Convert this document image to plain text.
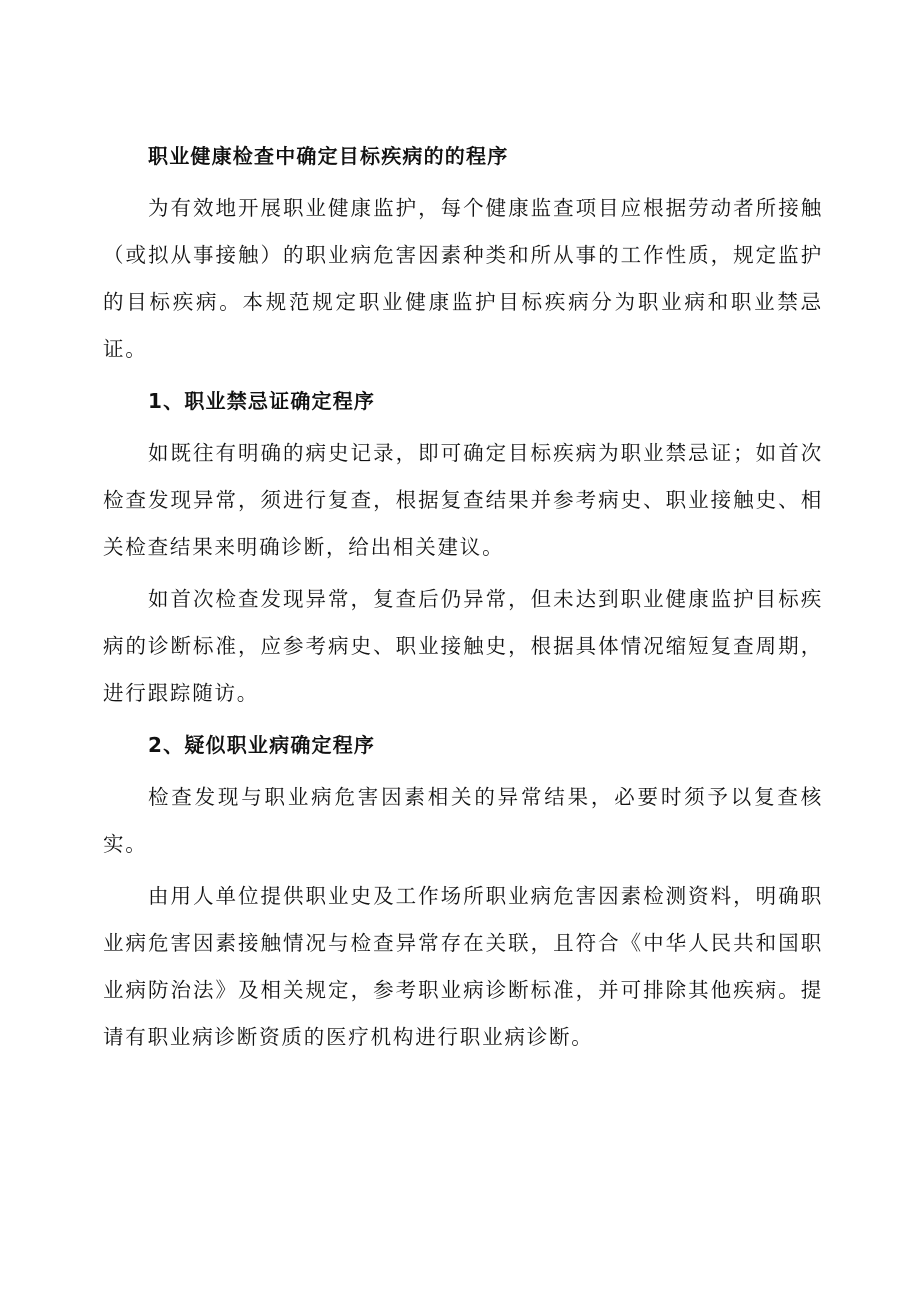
职业健康检查中确定目标疾病的的程序

为有效地开展职业健康监护，每个健康监查项目应根据劳动者所接触（或拟从事接触）的职业病危害因素种类和所从事的工作性质，规定监护的目标疾病。本规范规定职业健康监护目标疾病分为职业病和职业禁忌证。

1、职业禁忌证确定程序

如既往有明确的病史记录，即可确定目标疾病为职业禁忌证；如首次检查发现异常，须进行复查，根据复查结果并参考病史、职业接触史、相关检查结果来明确诊断，给出相关建议。

如首次检查发现异常，复查后仍异常，但未达到职业健康监护目标疾病的诊断标准，应参考病史、职业接触史，根据具体情况缩短复查周期，进行跟踪随访。

2、疑似职业病确定程序

检查发现与职业病危害因素相关的异常结果，必要时须予以复查核实。

由用人单位提供职业史及工作场所职业病危害因素检测资料，明确职业病危害因素接触情况与检查异常存在关联，且符合《中华人民共和国职业病防治法》及相关规定，参考职业病诊断标准，并可排除其他疾病。提请有职业病诊断资质的医疗机构进行职业病诊断。
